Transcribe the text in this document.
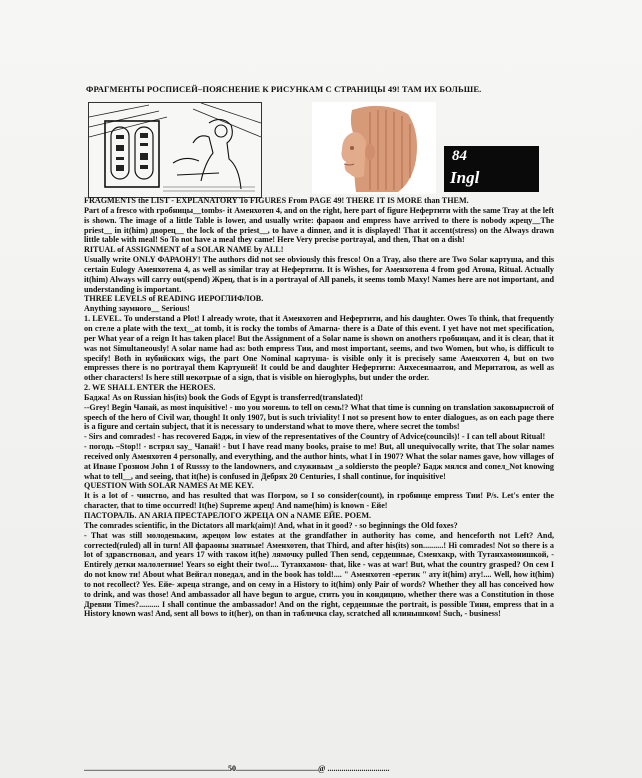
ФРАГМЕНТЫ РОСПИСЕЙ–ПОЯСНЕНИЕ К РИСУНКАМ С СТРАНИЦЫ 49! ТАМ ИХ БОЛЬШЕ.
84
Ingl

FRAGMENTS the LIST - EXPLANATORY To FIGURES From PAGE 49! THERE IT IS MORE than THEM.

Part of a fresco with гробницы__tombs- it Аменхотеп 4, and on the right, here part of figure Нефертити with the same Tray at the left is shown. The image of a little Table is lower, and usually write: фараон and empress have arrived to there is nobody жрецу__The priest__ in it(him) дворец__ the lock of the priest__, to have a dinner, and it is displayed! That it accent(stress) on the Always drawn little table with meal! So To not have a meal they came! Here Very precise portrayal, and then, That on a dish!

RITUAL of ASSIGNMENT of a SOLAR NAME by ALL!

Usually write ONLY ФАРАОНУ! The authors did not see obviously this fresco! On a Tray, also there are Two Solar картуша, and this certain Eulogy Аменхотепа 4, as well as similar tray at Нефертити. It is Wishes, for Аменхотепа 4 from god Атона, Ritual. Actually it(him) Always will carry out(spend) Жрец, that is in a portrayal of All panels, it seems tomb Maxy! Names here are not important, and understanding is important.

THREE LEVELS of READING ИЕРОГЛИФЛОВ.

Anything заумного__ Serious!

1. LEVEL. To understand a Plot! I already wrote, that it Аменхотеп and Нефертити, and his daughter. Owes To think, that frequently on стеле a plate with the text__at tomb, it is rocky the tombs of Amarna- there is a Date of this event. I yet have not met specification, per What year of a reign It has taken place! But the Assignment of a Solar name is shown on anothers гробницам, and it is clear, that it was not Simultaneously! A solar name had as: both empress Тии, and most important, seems, and two Women, but who, is difficult to specify! Both in нубийских wigs, the part One Nominal картуша- is visible only it is precisely same Аменхотеп 4, but on two empresses there is no portrayal them Картушей! It could be and daughter Нефертити: Анхесенпаатон, and Меритатон, as well as other characters! Is here still некотрые of a sign, that is visible on hieroglyphs, but under the order.

2. WE SHALL ENTER the HEROES.

Баджа! As on Russian his(its) book the Gods of Egypt is transferred(translated)!

--Grey! Begin Чапай, as most inquisitive! - шо you могешь to tell on семь!? What that time is cunning on translation заковыристой of speech of the hero of Civil war, though! It only 1907, but is such triviality! I not so present how to enter dialogues, as on each page there is a figure and certain subject, that it is necessary to understand what to move there, where secret the tombs!

- Sirs and comrades! - has recovered Бадж, in view of the representatives of the Country of Advice(councils)! - I can tell about Ritual!

- погодь –Stop!! - встрял say_ Чапай! - but I have read many books, praise to me! But, all unequivocally write, that The solar names received only Аменхотеп 4 personally, and everything, and the author hints, what I in 1907? What the solar names gave, how villages of at Иване Грозном John 1 of Russsy to the landowners, and служивым _a soldiersto the people? Бадж мялся and сопел_Not knowing what to tell__, and seeing, that it(he) is confused in Дебрях 20 Centuries, I shall continue, for inquisitive!

QUESTION With SOLAR NAMES At ME KEY.

It is a lot of - чинство, and has resulted that was Погром, so I so consider(count), in гробнице empress Тии! P/s. Let's enter the character, that to time occurred! It(he) Supreme жрец! And name(him) is known - Ейе!

ПАСТОРАЛЬ. AN ARIA ПРЕСТАРЕЛОГО ЖРЕЦА ON a NAME ЕЙЕ. POEM.

The comrades scientific, in the Dictators all mark(aim)! And, what in it good? - so beginnings the Old foxes?

- That was still молоденьким, жрецом low estates at the grandfather in authority has come, and henceforth not Left? And, corrected(ruled) all in turn! All фараоны знатные! Аменхотеп, that Third, and after his(its) son..........! Hi comrades! Not so there is a lot of здравствовал, and years 17 with таком it(he) лямочку pulled Then send, сердешные, Сменхакр, with Тутанхамонишкой, - Entirely детки малолетние! Years so eight their two!.... Тутанхамон- that, like - was at war! But, what the country grasped? On сем I do not know ти! About what Вейгал поведал, and in the book has told!.... " Аменхотеп -еретик " ату it(him) ату!.... Well, how it(him) to not recollect? Yes. Ейе- жреца strange, and on сему in a History to it(him) only Pair of words? Whether they all has conceived how to drink, and was those! And ambassador all have begun to argue, стить you in кондицию, whether there was a Constitution in those Древни Times?.......... I shall continue the ambassador! And on the right, сердешные the portrait, is possible Тинн, empress that in a History known was! And, sent all bows to it(her), on than in табличка clay, scratched all клинышком! Such, - business!

........................................................................50.........................................@ ...............................
